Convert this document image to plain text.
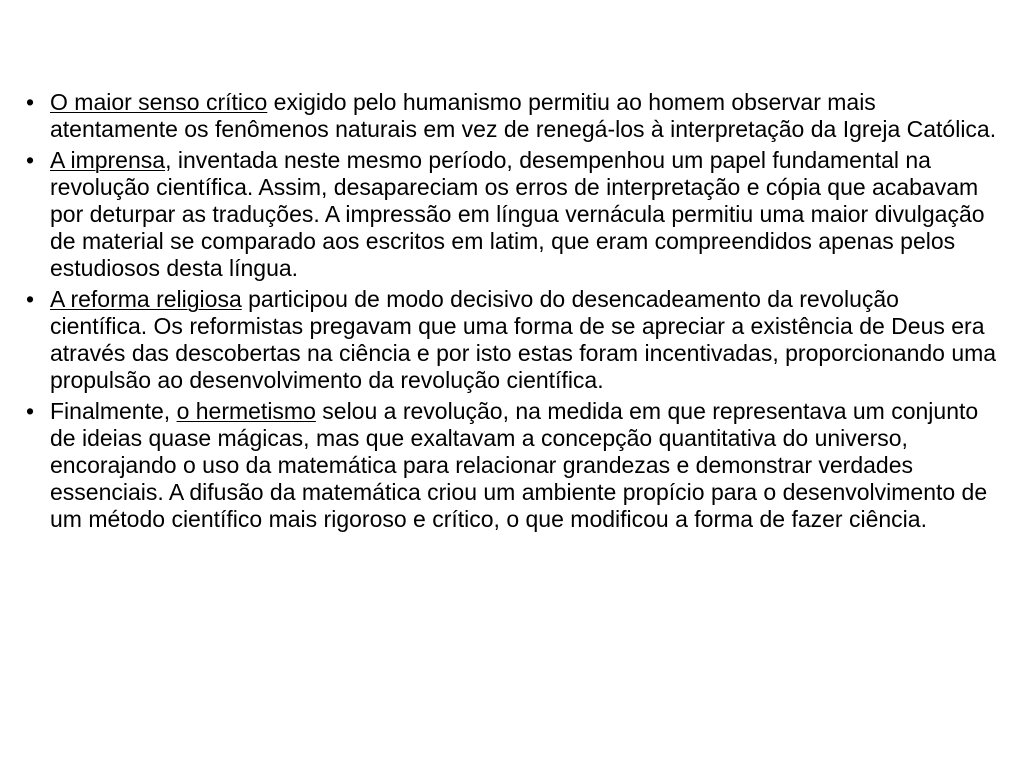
• O maior senso crítico exigido pelo humanismo permitiu ao homem observar mais atentamente os fenômenos naturais em vez de renegá-los à interpretação da Igreja Católica.
• A imprensa, inventada neste mesmo período, desempenhou um papel fundamental na revolução científica. Assim, desapareciam os erros de interpretação e cópia que acabavam por deturpar as traduções. A impressão em língua vernácula permitiu uma maior divulgação de material se comparado aos escritos em latim, que eram compreendidos apenas pelos estudiosos desta língua.
• A reforma religiosa participou de modo decisivo do desencadeamento da revolução científica. Os reformistas pregavam que uma forma de se apreciar a existência de Deus era através das descobertas na ciência e por isto estas foram incentivadas, proporcionando uma propulsão ao desenvolvimento da revolução científica.
• Finalmente, o hermetismo selou a revolução, na medida em que representava um conjunto de ideias quase mágicas, mas que exaltavam a concepção quantitativa do universo, encorajando o uso da matemática para relacionar grandezas e demonstrar verdades essenciais. A difusão da matemática criou um ambiente propício para o desenvolvimento de um método científico mais rigoroso e crítico, o que modificou a forma de fazer ciência.
